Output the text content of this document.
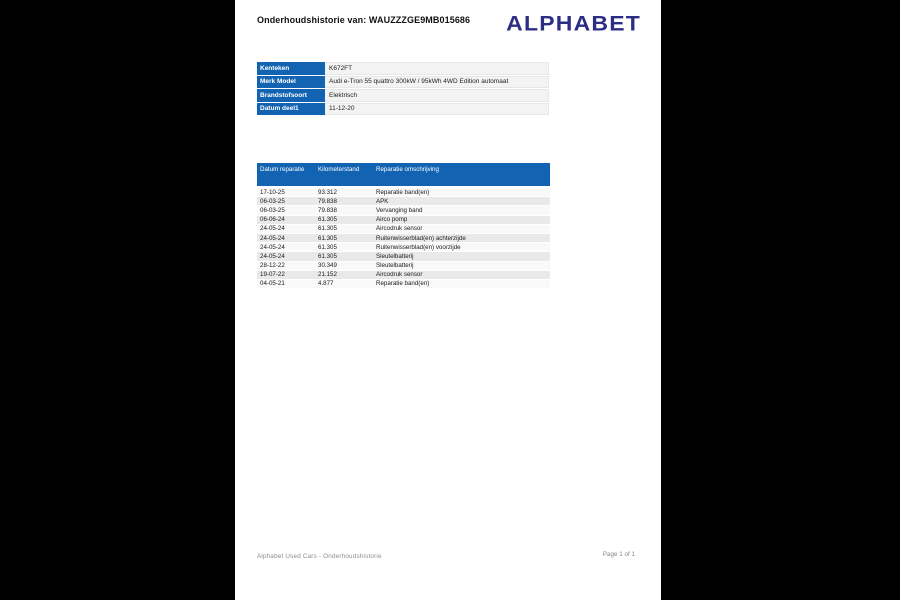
Onderhoudshistorie van: WAUZZZGE9MB015686 ALPHABET
Kenteken	K672FT
Merk Model	Audi e-Tron 55 quattro 300kW / 95kWh 4WD Edition automaat
Brandstofsoort	Elektrisch
Datum deel1	11-12-20
Datum reparatie	Kilometerstand	Reparatie omschrijving
17-10-25	93.312	Reparatie band(en)
06-03-25	79.838	APK
06-03-25	79.838	Vervanging band
06-06-24	61.305	Airco pomp
24-05-24	61.305	Aircodruk sensor
24-05-24	61.305	Ruitenwisserblad(en) achterzijde
24-05-24	61.305	Ruitenwisserblad(en) voorzijde
24-05-24	61.305	Sleutelbatterij
28-12-22	30.349	Sleutelbatterij
19-07-22	21.152	Aircodruk sensor
04-05-21	4.877	Reparatie band(en)
Alphabet Used Cars - Onderhoudshistorie	Page 1 of 1
